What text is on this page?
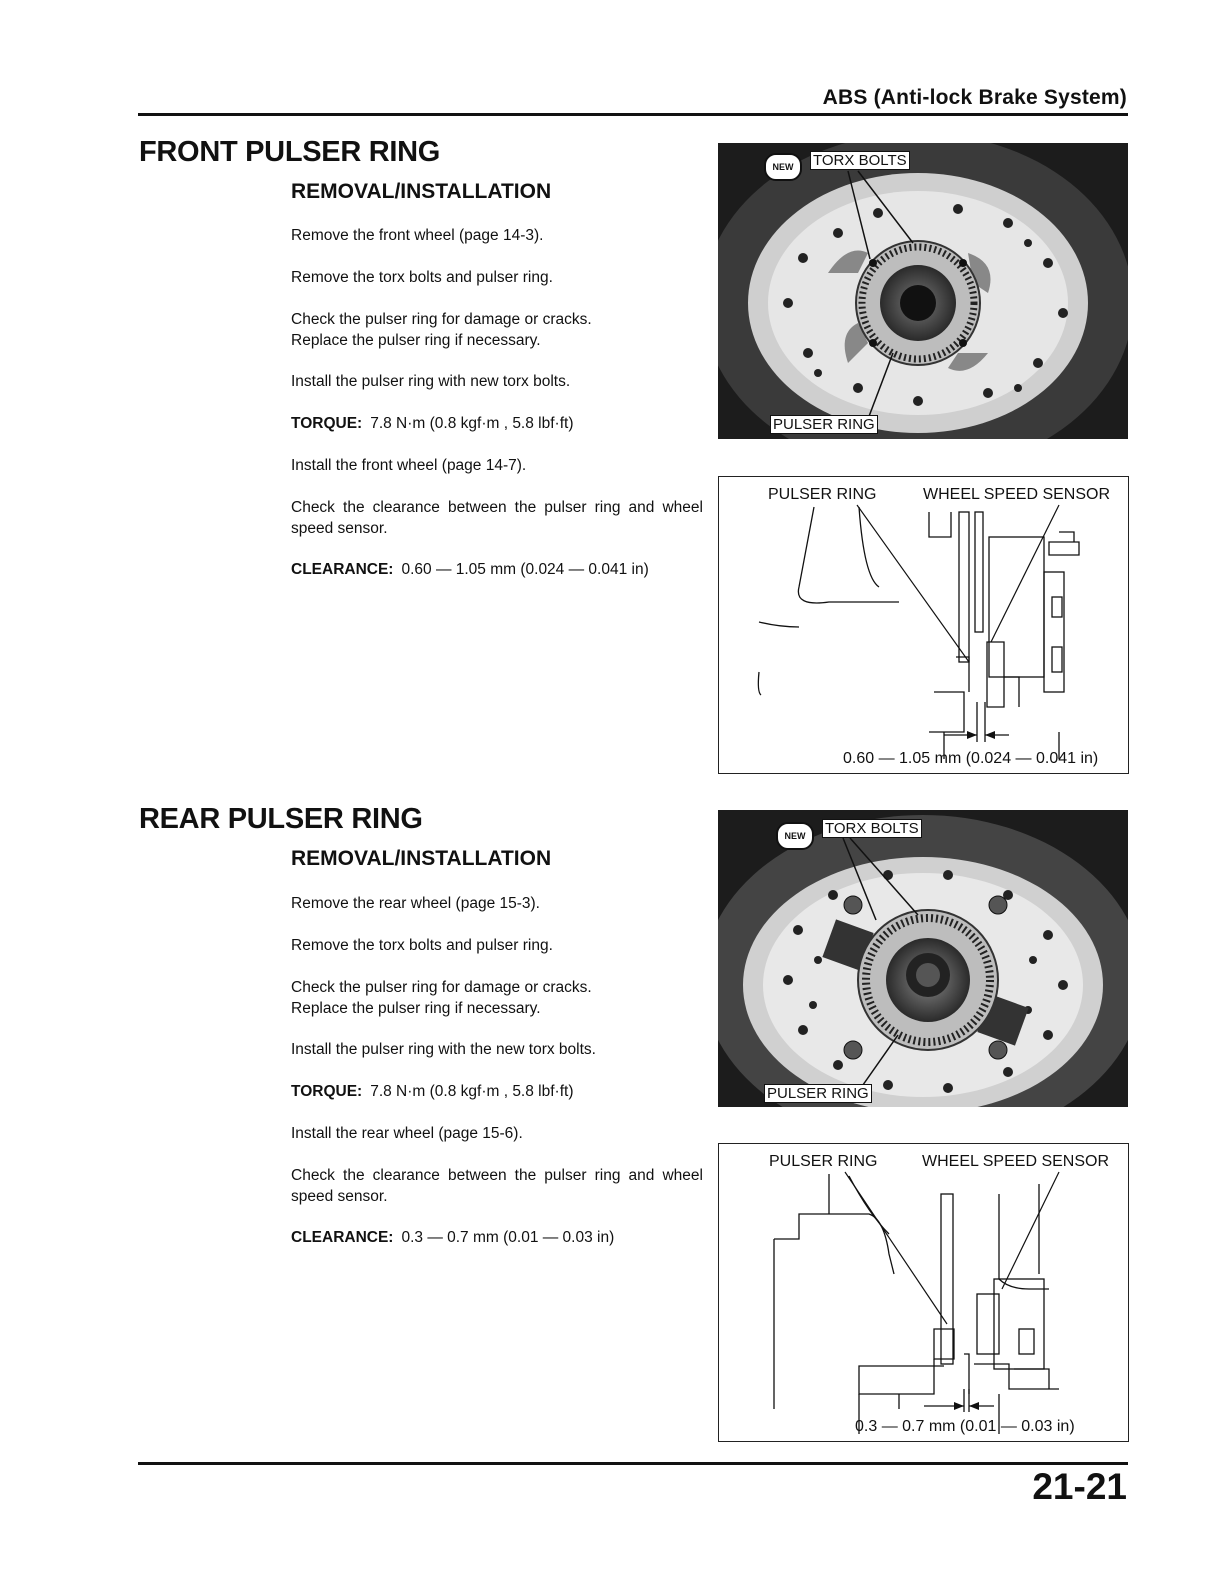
ABS (Anti-lock Brake System)
FRONT PULSER RING
REMOVAL/INSTALLATION
Remove the front wheel (page 14-3).
Remove the torx bolts and pulser ring.
Check the pulser ring for damage or cracks. Replace the pulser ring if necessary.
Install the pulser ring with new torx bolts.
TORQUE: 7.8 N·m (0.8 kgf·m , 5.8 lbf·ft)
Install the front wheel (page 14-7).
Check the clearance between the pulser ring and wheel speed sensor.
CLEARANCE: 0.60 — 1.05 mm (0.024 — 0.041 in)
NEW	TORX BOLTS
PULSER RING
PULSER RING	WHEEL SPEED SENSOR
0.60 — 1.05 mm (0.024 — 0.041 in)
REAR PULSER RING
REMOVAL/INSTALLATION
Remove the rear wheel (page 15-3).
Remove the torx bolts and pulser ring.
Check the pulser ring for damage or cracks. Replace the pulser ring if necessary.
Install the pulser ring with the new torx bolts.
TORQUE: 7.8 N·m (0.8 kgf·m , 5.8 lbf·ft)
Install the rear wheel (page 15-6).
Check the clearance between the pulser ring and wheel speed sensor.
CLEARANCE: 0.3 — 0.7 mm (0.01 — 0.03 in)
NEW	TORX BOLTS
PULSER RING
PULSER RING	WHEEL SPEED SENSOR
0.3 — 0.7 mm (0.01 — 0.03 in)
21-21
